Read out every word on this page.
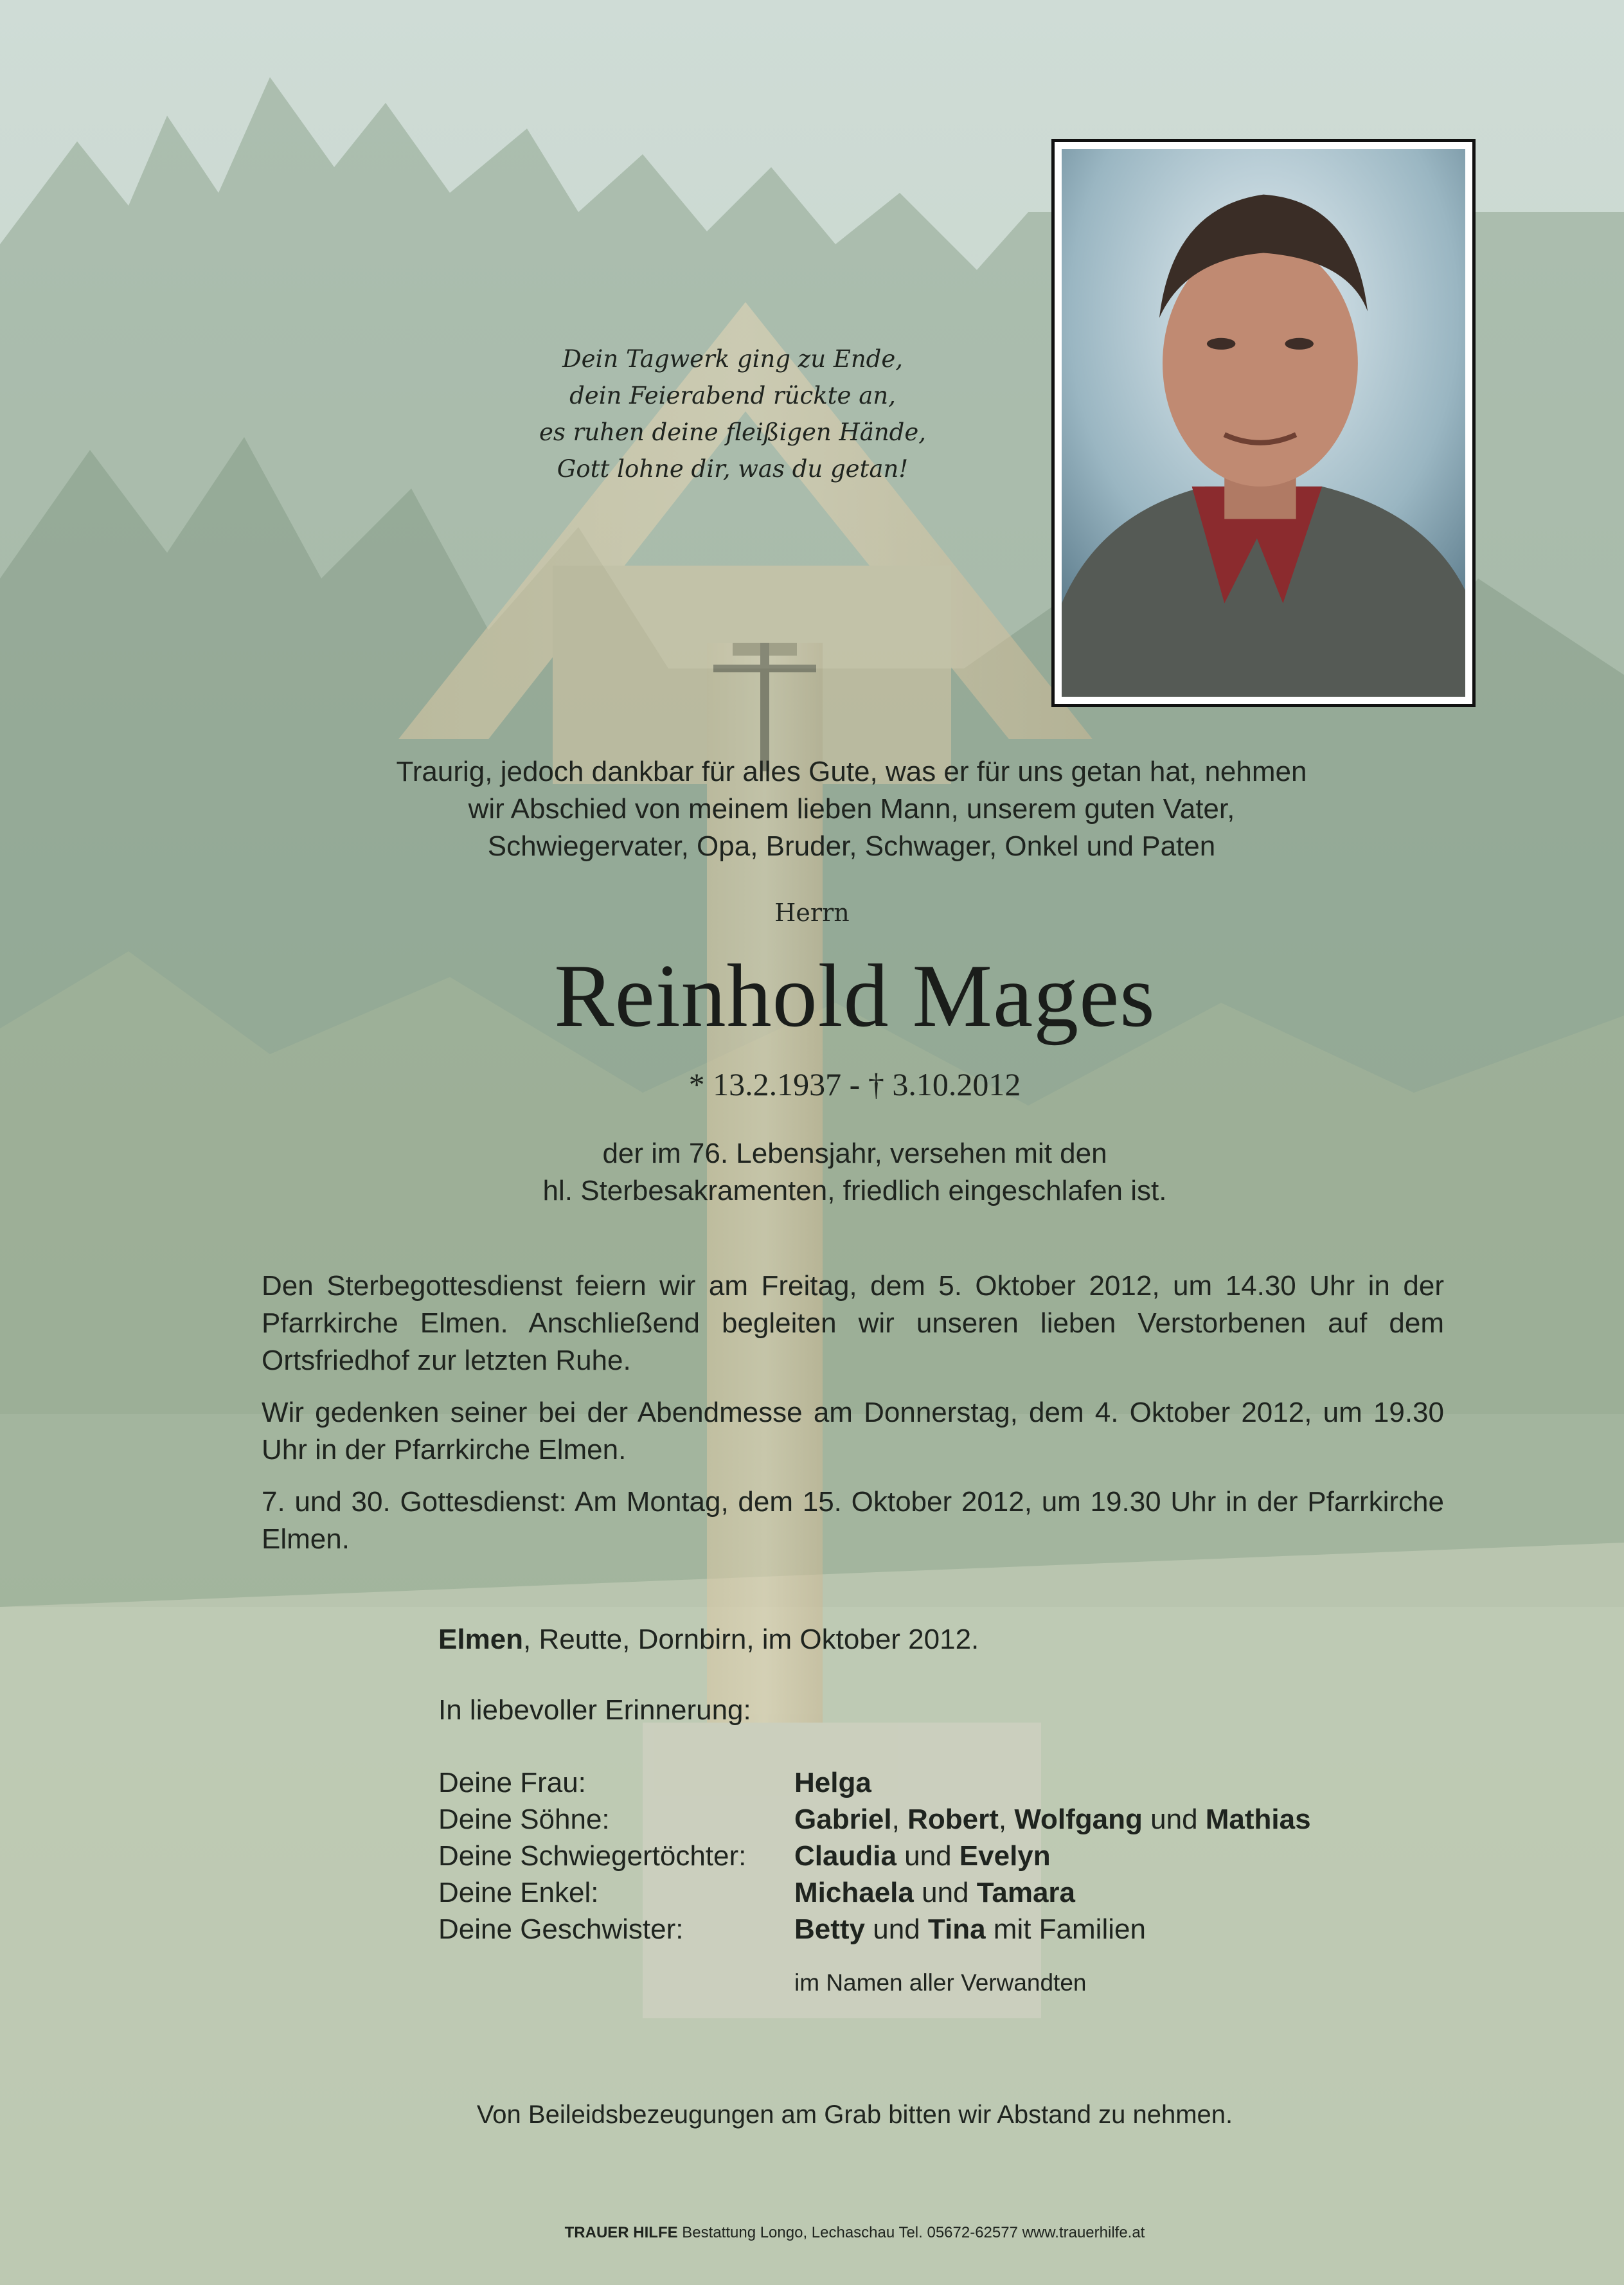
Dein Tagwerk ging zu Ende,
dein Feierabend rückte an,
es ruhen deine fleißigen Hände,
Gott lohne dir, was du getan!
Traurig, jedoch dankbar für alles Gute, was er für uns getan hat, nehmen
wir Abschied von meinem lieben Mann, unserem guten Vater,
Schwiegervater, Opa, Bruder, Schwager, Onkel und Paten
Herrn
Reinhold Mages
* 13.2.1937 - † 3.10.2012
der im 76. Lebensjahr, versehen mit den
hl. Sterbesakramenten, friedlich eingeschlafen ist.

Den Sterbegottesdienst feiern wir am Freitag, dem 5. Oktober 2012, um 14.30 Uhr in der Pfarrkirche Elmen. Anschließend begleiten wir unseren lieben Verstorbenen auf dem Ortsfriedhof zur letzten Ruhe.

Wir gedenken seiner bei der Abendmesse am Donnerstag, dem 4. Oktober 2012, um 19.30 Uhr in der Pfarrkirche Elmen.

7. und 30. Gottesdienst: Am Montag, dem 15. Oktober 2012, um 19.30 Uhr in der Pfarrkirche Elmen.

Elmen, Reutte, Dornbirn, im Oktober 2012.
In liebevoller Erinnerung:
Deine Frau:	Helga
Deine Söhne:	Gabriel, Robert, Wolfgang und Mathias
Deine Schwiegertöchter:	Claudia und Evelyn
Deine Enkel:	Michaela und Tamara
Deine Geschwister:	Betty und Tina mit Familien
im Namen aller Verwandten
Von Beileidsbezeugungen am Grab bitten wir Abstand zu nehmen.
TRAUER HILFE Bestattung Longo, Lechaschau Tel. 05672-62577 www.trauerhilfe.at
